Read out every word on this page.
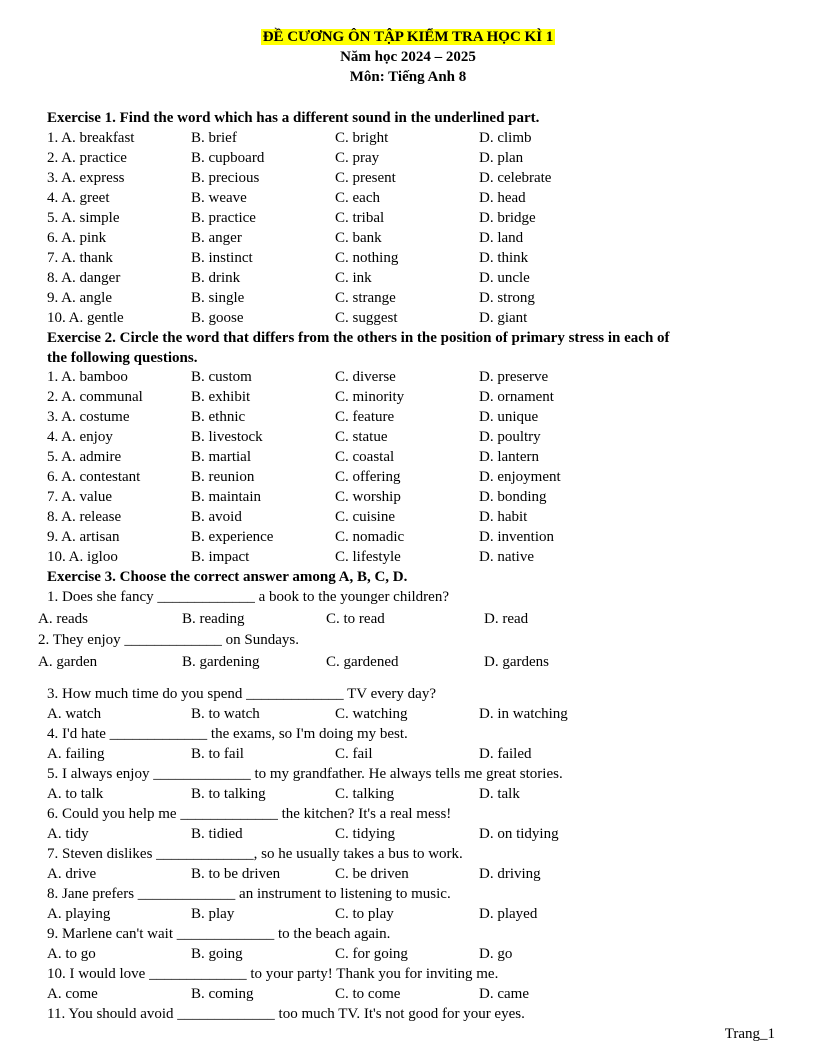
ĐỀ CƯƠNG ÔN TẬP KIỂM TRA HỌC KÌ 1
Năm học 2024 – 2025
Môn: Tiếng Anh 8
Exercise 1. Find the word which has a different sound in the underlined part.
1. A. breakfast	B. brief	C. bright	D. climb
2. A. practice	B. cupboard	C. pray	D. plan
3. A. express	B. precious	C. present	D. celebrate
4. A. greet	B. weave	C. each	D. head
5. A. simple	B. practice	C. tribal	D. bridge
6. A. pink	B. anger	C. bank	D. land
7. A. thank	B. instinct	C. nothing	D. think
8. A. danger	B. drink	C. ink	D. uncle
9. A. angle	B. single	C. strange	D. strong
10. A. gentle	B. goose	C. suggest	D. giant
Exercise 2. Circle the word that differs from the others in the position of primary stress in each of
the following questions.
1. A. bamboo	B. custom	C. diverse	D. preserve
2. A. communal	B. exhibit	C. minority	D. ornament
3. A. costume	B. ethnic	C. feature	D. unique
4. A. enjoy	B. livestock	C. statue	D. poultry
5. A. admire	B. martial	C. coastal	D. lantern
6. A. contestant	B. reunion	C. offering	D. enjoyment
7. A. value	B. maintain	C. worship	D. bonding
8. A. release	B. avoid	C. cuisine	D. habit
9. A. artisan	B. experience	C. nomadic	D. invention
10. A. igloo	B. impact	C. lifestyle	D. native
Exercise 3. Choose the correct answer among A, B, C, D.
1. Does she fancy _____________ a book to the younger children?
A. reads	B. reading	C. to read	D. read
2. They enjoy _____________ on Sundays.
A. garden	B. gardening	C. gardened	D. gardens
3. How much time do you spend _____________ TV every day?
A. watch	B. to watch	C. watching	D. in watching
4. I'd hate _____________ the exams, so I'm doing my best.
A. failing	B. to fail	C. fail	D. failed
5. I always enjoy _____________ to my grandfather. He always tells me great stories.
A. to talk	B. to talking	C. talking	D. talk
6. Could you help me _____________ the kitchen? It's a real mess!
A. tidy	B. tidied	C. tidying	D. on tidying
7. Steven dislikes _____________, so he usually takes a bus to work.
A. drive	B. to be driven	C. be driven	D. driving
8. Jane prefers _____________ an instrument to listening to music.
A. playing	B. play	C. to play	D. played
9. Marlene can't wait _____________ to the beach again.
A. to go	B. going	C. for going	D. go
10. I would love _____________ to your party! Thank you for inviting me.
A. come	B. coming	C. to come	D. came
11. You should avoid _____________ too much TV. It's not good for your eyes.
Trang_1
